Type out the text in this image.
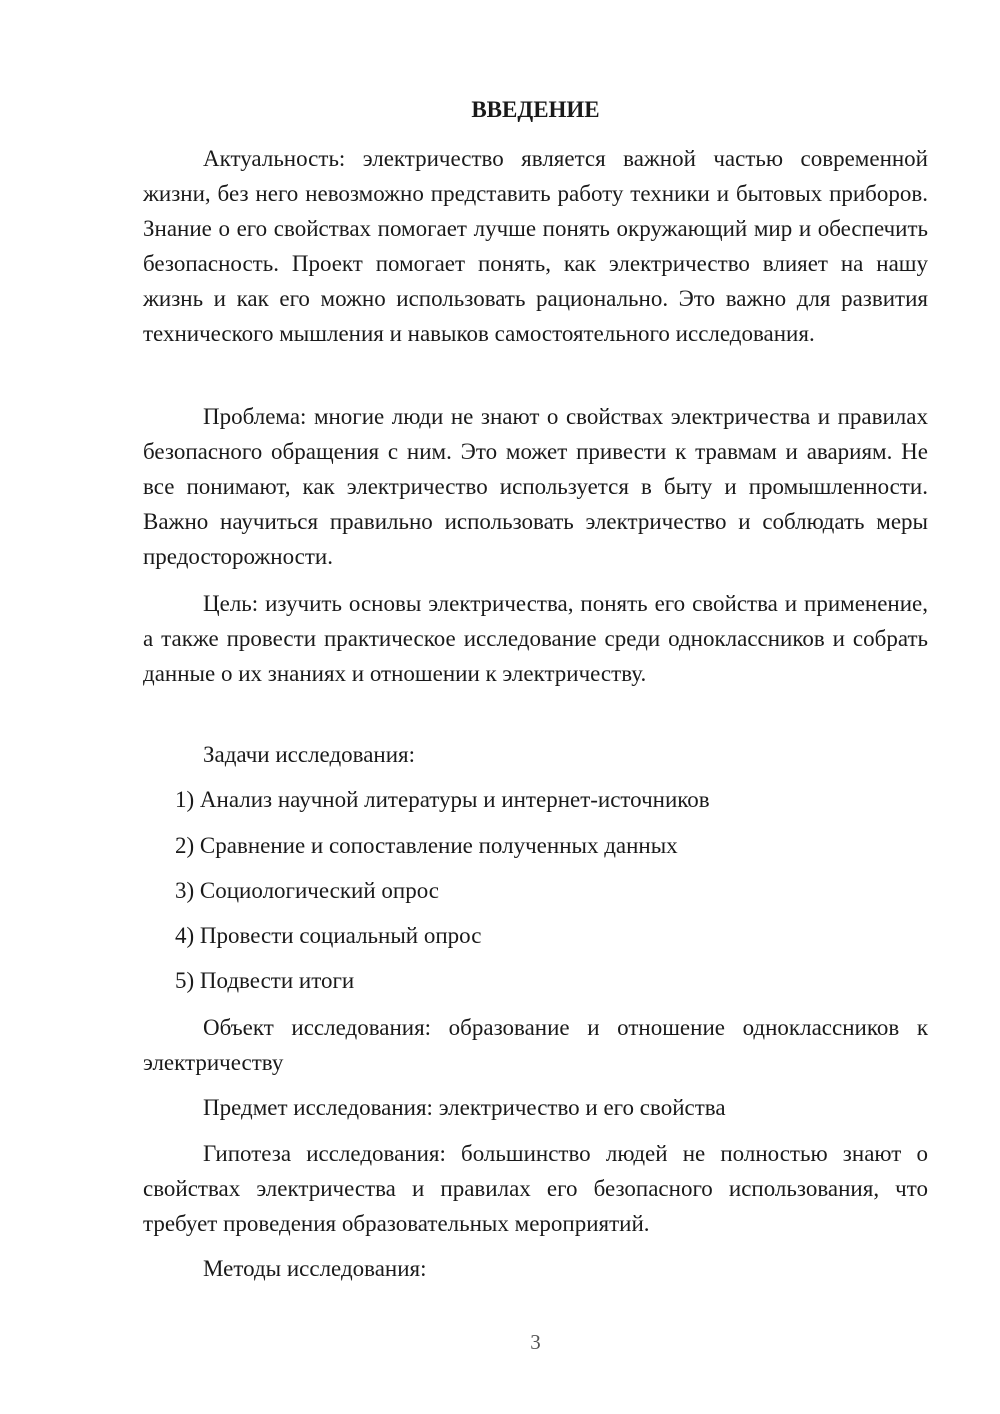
ВВЕДЕНИЕ

Актуальность: электричество является важной частью современной жизни, без него невозможно представить работу техники и бытовых приборов. Знание о его свойствах помогает лучше понять окружающий мир и обеспечить безопасность. Проект помогает понять, как электричество влияет на нашу жизнь и как его можно использовать рационально. Это важно для развития технического мышления и навыков самостоятельного исследования.

Проблема: многие люди не знают о свойствах электричества и правилах безопасного обращения с ним. Это может привести к травмам и авариям. Не все понимают, как электричество используется в быту и промышленности. Важно научиться правильно использовать электричество и соблюдать меры предосторожности.

Цель: изучить основы электричества, понять его свойства и применение, а также провести практическое исследование среди одноклассников и собрать данные о их знаниях и отношении к электричеству.

Задачи исследования:

1) Анализ научной литературы и интернет-источников

2) Сравнение и сопоставление полученных данных

3) Социологический опрос

4) Провести социальный опрос

5) Подвести итоги

Объект исследования: образование и отношение одноклассников к электричеству

Предмет исследования: электричество и его свойства

Гипотеза исследования: большинство людей не полностью знают о свойствах электричества и правилах его безопасного использования, что требует проведения образовательных мероприятий.

Методы исследования:

3
